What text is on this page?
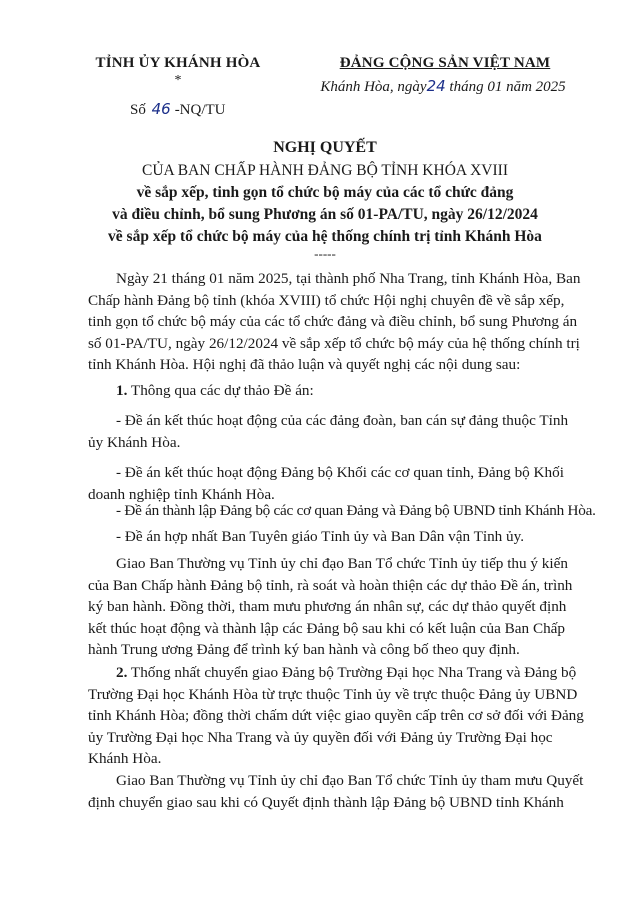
TỈNH ỦY KHÁNH HÒA
*
Số 46 -NQ/TU
ĐẢNG CỘNG SẢN VIỆT NAM
Khánh Hòa, ngày24 tháng 01 năm 2025
NGHỊ QUYẾT
CỦA BAN CHẤP HÀNH ĐẢNG BỘ TỈNH KHÓA XVIII
về sắp xếp, tinh gọn tổ chức bộ máy của các tổ chức đảng
và điều chỉnh, bổ sung Phương án số 01-PA/TU, ngày 26/12/2024
về sắp xếp tổ chức bộ máy của hệ thống chính trị tỉnh Khánh Hòa
-----
Ngày 21 tháng 01 năm 2025, tại thành phố Nha Trang, tỉnh Khánh Hòa, Ban
Chấp hành Đảng bộ tỉnh (khóa XVIII) tổ chức Hội nghị chuyên đề về sắp xếp,
tinh gọn tổ chức bộ máy của các tổ chức đảng và điều chỉnh, bổ sung Phương án
số 01-PA/TU, ngày 26/12/2024 về sắp xếp tổ chức bộ máy của hệ thống chính trị
tỉnh Khánh Hòa. Hội nghị đã thảo luận và quyết nghị các nội dung sau:
1. Thông qua các dự thảo Đề án:
- Đề án kết thúc hoạt động của các đảng đoàn, ban cán sự đảng thuộc Tỉnh
ủy Khánh Hòa.
- Đề án kết thúc hoạt động Đảng bộ Khối các cơ quan tỉnh, Đảng bộ Khối
doanh nghiệp tỉnh Khánh Hòa.
- Đề án thành lập Đảng bộ các cơ quan Đảng và Đảng bộ UBND tỉnh Khánh Hòa.
- Đề án hợp nhất Ban Tuyên giáo Tỉnh ủy và Ban Dân vận Tỉnh ủy.
Giao Ban Thường vụ Tỉnh ủy chỉ đạo Ban Tổ chức Tỉnh ủy tiếp thu ý kiến
của Ban Chấp hành Đảng bộ tỉnh, rà soát và hoàn thiện các dự thảo Đề án, trình
ký ban hành. Đồng thời, tham mưu phương án nhân sự, các dự thảo quyết định
kết thúc hoạt động và thành lập các Đảng bộ sau khi có kết luận của Ban Chấp
hành Trung ương Đảng để trình ký ban hành và công bố theo quy định.
2. Thống nhất chuyển giao Đảng bộ Trường Đại học Nha Trang và Đảng bộ
Trường Đại học Khánh Hòa từ trực thuộc Tỉnh ủy về trực thuộc Đảng ủy UBND
tỉnh Khánh Hòa; đồng thời chấm dứt việc giao quyền cấp trên cơ sở đối với Đảng
ủy Trường Đại học Nha Trang và ủy quyền đối với Đảng ủy Trường Đại học
Khánh Hòa.
Giao Ban Thường vụ Tỉnh ủy chỉ đạo Ban Tổ chức Tỉnh ủy tham mưu Quyết
định chuyển giao sau khi có Quyết định thành lập Đảng bộ UBND tỉnh Khánh
